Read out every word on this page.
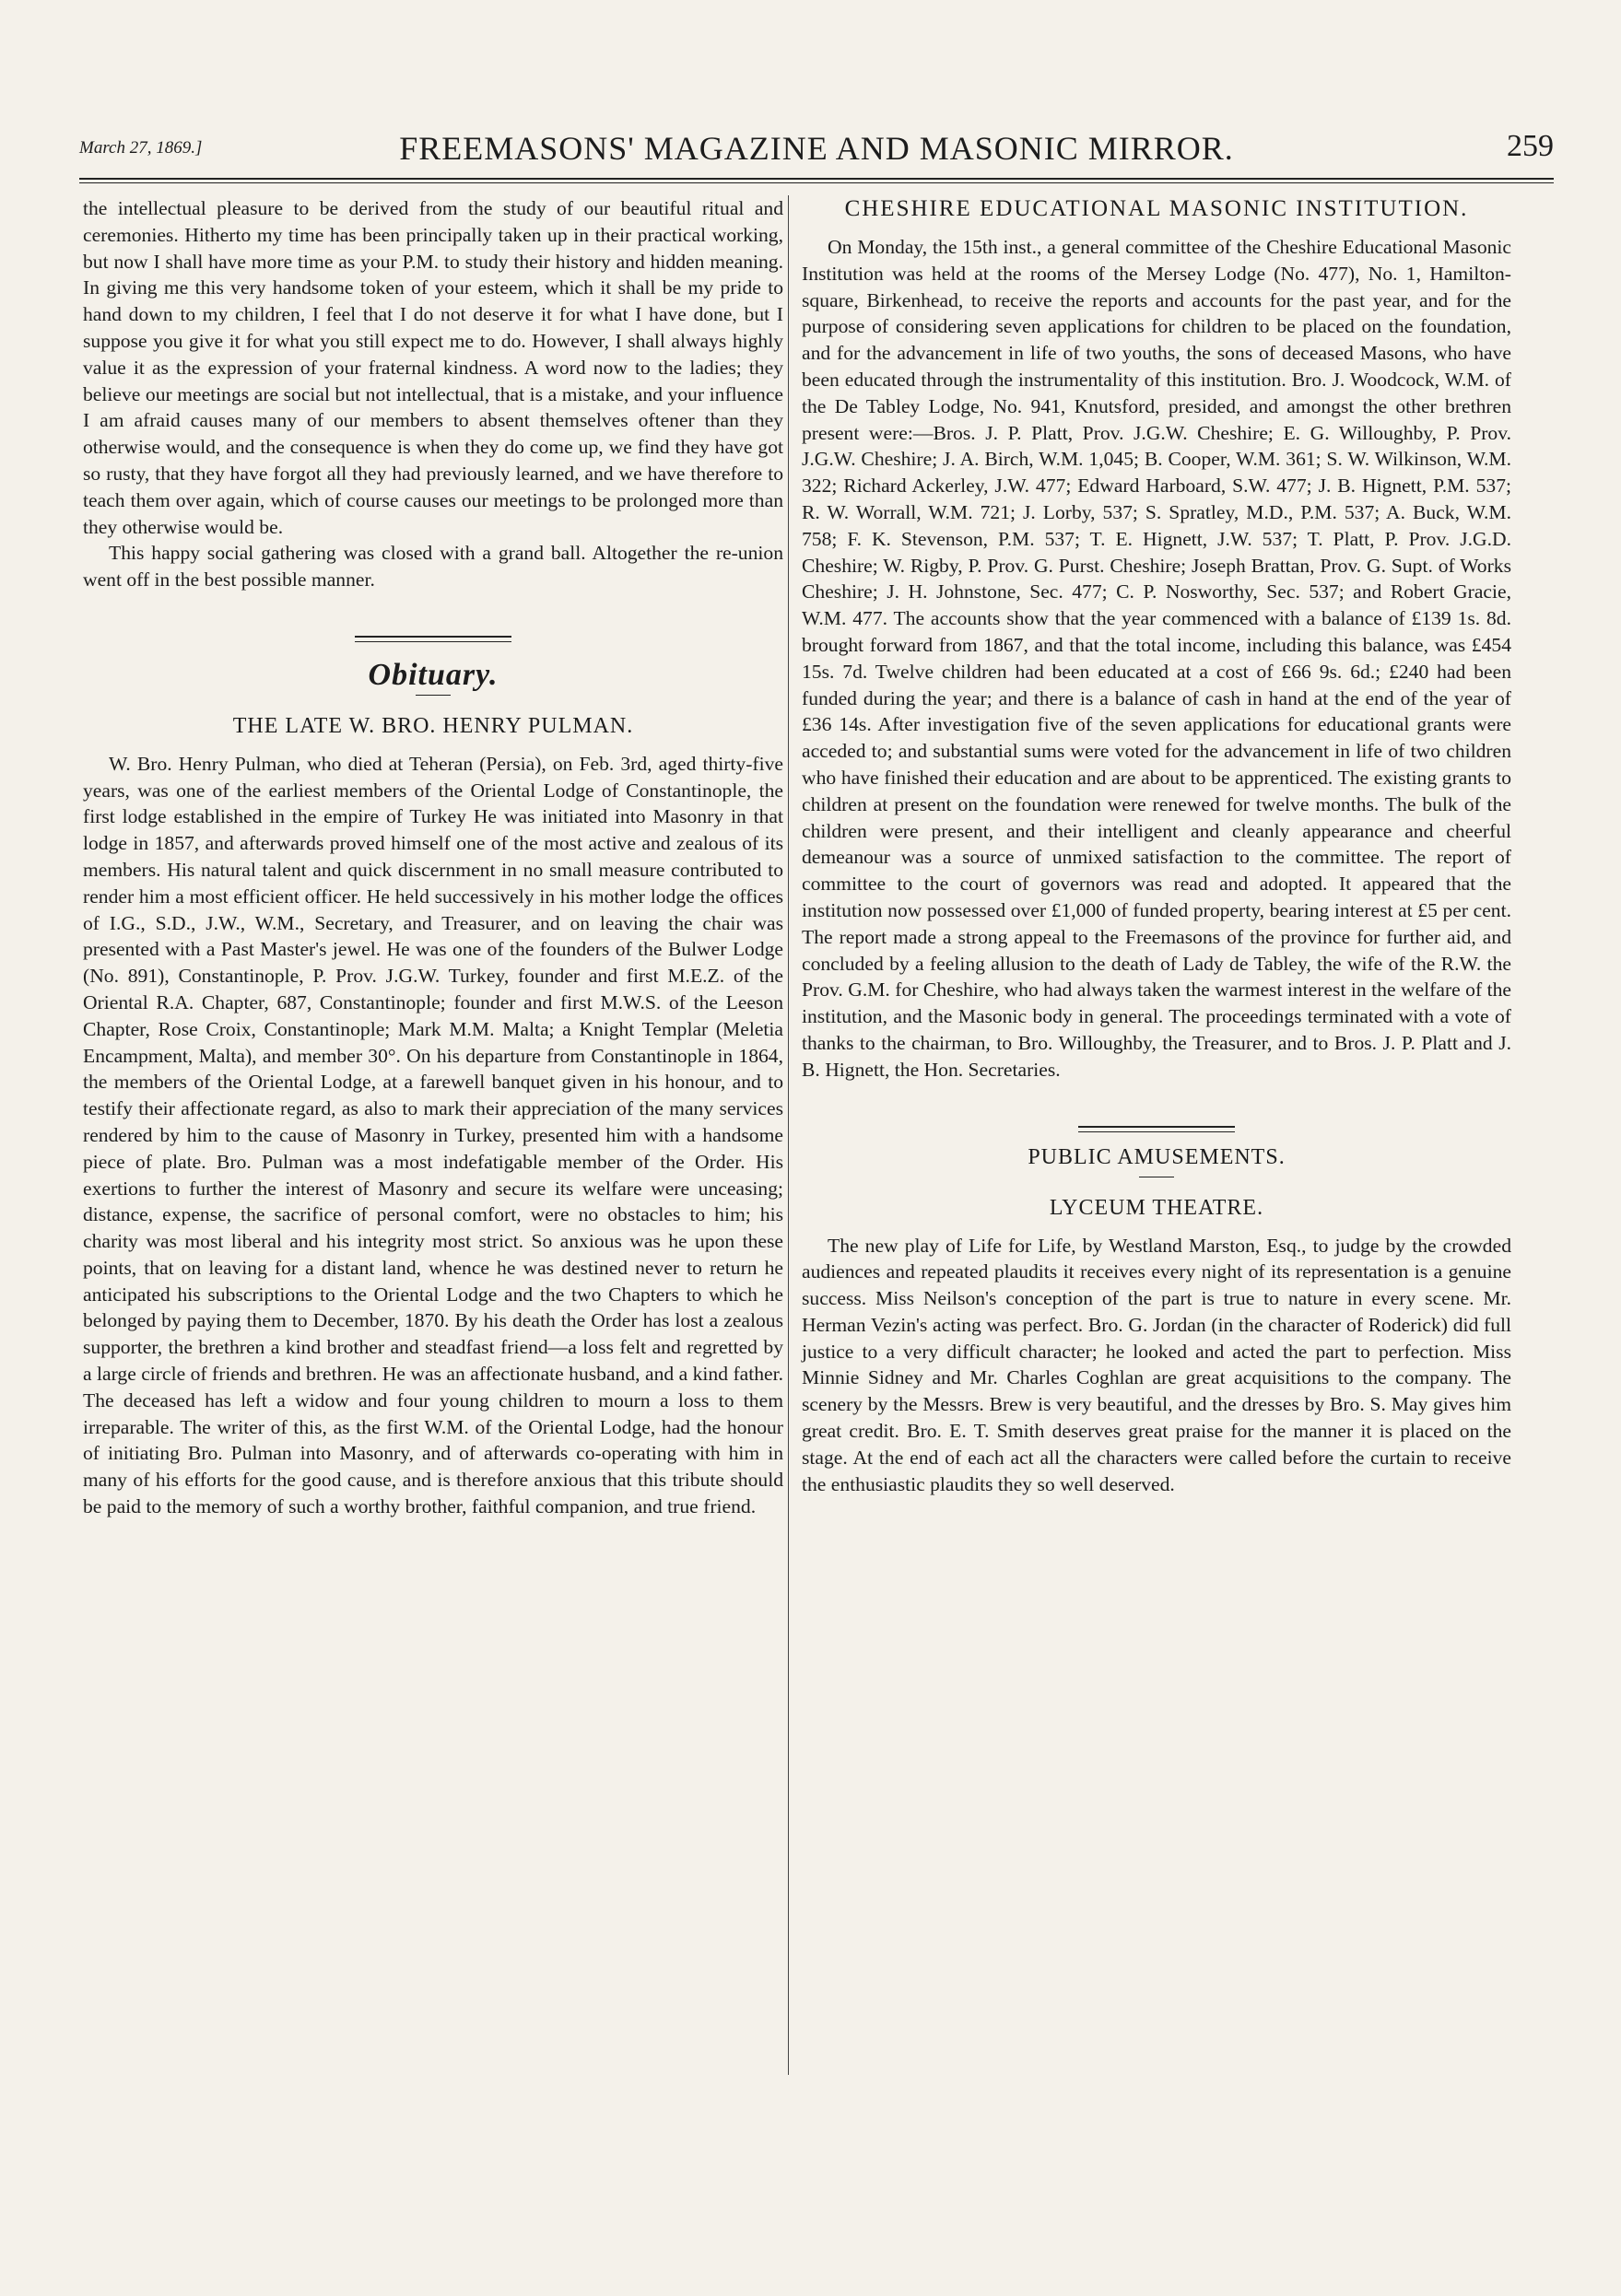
March 27, 1869.]	FREEMASONS' MAGAZINE AND MASONIC MIRROR.	259

the intellectual pleasure to be derived from the study of our beautiful ritual and ceremonies. Hitherto my time has been principally taken up in their practical working, but now I shall have more time as your P.M. to study their history and hidden meaning. In giving me this very handsome token of your esteem, which it shall be my pride to hand down to my children, I feel that I do not deserve it for what I have done, but I suppose you give it for what you still expect me to do. However, I shall always highly value it as the expression of your fraternal kindness. A word now to the ladies; they believe our meetings are social but not intellectual, that is a mistake, and your influence I am afraid causes many of our members to absent themselves oftener than they otherwise would, and the consequence is when they do come up, we find they have got so rusty, that they have forgot all they had previously learned, and we have therefore to teach them over again, which of course causes our meetings to be prolonged more than they otherwise would be.

This happy social gathering was closed with a grand ball. Altogether the re-union went off in the best possible manner.

Obituary.
THE LATE W. BRO. HENRY PULMAN.

W. Bro. Henry Pulman, who died at Teheran (Persia), on Feb. 3rd, aged thirty-five years, was one of the earliest members of the Oriental Lodge of Constantinople, the first lodge established in the empire of Turkey He was initiated into Masonry in that lodge in 1857, and afterwards proved himself one of the most active and zealous of its members. His natural talent and quick discernment in no small measure contributed to render him a most efficient officer. He held successively in his mother lodge the offices of I.G., S.D., J.W., W.M., Secretary, and Treasurer, and on leaving the chair was presented with a Past Master's jewel. He was one of the founders of the Bulwer Lodge (No. 891), Constantinople, P. Prov. J.G.W. Turkey, founder and first M.E.Z. of the Oriental R.A. Chapter, 687, Constantinople; founder and first M.W.S. of the Leeson Chapter, Rose Croix, Constantinople; Mark M.M. Malta; a Knight Templar (Meletia Encampment, Malta), and member 30°. On his departure from Constantinople in 1864, the members of the Oriental Lodge, at a farewell banquet given in his honour, and to testify their affectionate regard, as also to mark their appreciation of the many services rendered by him to the cause of Masonry in Turkey, presented him with a handsome piece of plate. Bro. Pulman was a most indefatigable member of the Order. His exertions to further the interest of Masonry and secure its welfare were unceasing; distance, expense, the sacrifice of personal comfort, were no obstacles to him; his charity was most liberal and his integrity most strict. So anxious was he upon these points, that on leaving for a distant land, whence he was destined never to return he anticipated his subscriptions to the Oriental Lodge and the two Chapters to which he belonged by paying them to December, 1870. By his death the Order has lost a zealous supporter, the brethren a kind brother and steadfast friend—a loss felt and regretted by a large circle of friends and brethren. He was an affectionate husband, and a kind father. The deceased has left a widow and four young children to mourn a loss to them irreparable. The writer of this, as the first W.M. of the Oriental Lodge, had the honour of initiating Bro. Pulman into Masonry, and of afterwards co-operating with him in many of his efforts for the good cause, and is therefore anxious that this tribute should be paid to the memory of such a worthy brother, faithful companion, and true friend.

CHESHIRE EDUCATIONAL MASONIC INSTITUTION.

On Monday, the 15th inst., a general committee of the Cheshire Educational Masonic Institution was held at the rooms of the Mersey Lodge (No. 477), No. 1, Hamilton-square, Birkenhead, to receive the reports and accounts for the past year, and for the purpose of considering seven applications for children to be placed on the foundation, and for the advancement in life of two youths, the sons of deceased Masons, who have been educated through the instrumentality of this institution. Bro. J. Woodcock, W.M. of the De Tabley Lodge, No. 941, Knutsford, presided, and amongst the other brethren present were:—Bros. J. P. Platt, Prov. J.G.W. Cheshire; E. G. Willoughby, P. Prov. J.G.W. Cheshire; J. A. Birch, W.M. 1,045; B. Cooper, W.M. 361; S. W. Wilkinson, W.M. 322; Richard Ackerley, J.W. 477; Edward Harboard, S.W. 477; J. B. Hignett, P.M. 537; R. W. Worrall, W.M. 721; J. Lorby, 537; S. Spratley, M.D., P.M. 537; A. Buck, W.M. 758; F. K. Stevenson, P.M. 537; T. E. Hignett, J.W. 537; T. Platt, P. Prov. J.G.D. Cheshire; W. Rigby, P. Prov. G. Purst. Cheshire; Joseph Brattan, Prov. G. Supt. of Works Cheshire; J. H. Johnstone, Sec. 477; C. P. Nosworthy, Sec. 537; and Robert Gracie, W.M. 477. The accounts show that the year commenced with a balance of £139 1s. 8d. brought forward from 1867, and that the total income, including this balance, was £454 15s. 7d. Twelve children had been educated at a cost of £66 9s. 6d.; £240 had been funded during the year; and there is a balance of cash in hand at the end of the year of £36 14s. After investigation five of the seven applications for educational grants were acceded to; and substantial sums were voted for the advancement in life of two children who have finished their education and are about to be apprenticed. The existing grants to children at present on the foundation were renewed for twelve months. The bulk of the children were present, and their intelligent and cleanly appearance and cheerful demeanour was a source of unmixed satisfaction to the committee. The report of committee to the court of governors was read and adopted. It appeared that the institution now possessed over £1,000 of funded property, bearing interest at £5 per cent. The report made a strong appeal to the Freemasons of the province for further aid, and concluded by a feeling allusion to the death of Lady de Tabley, the wife of the R.W. the Prov. G.M. for Cheshire, who had always taken the warmest interest in the welfare of the institution, and the Masonic body in general. The proceedings terminated with a vote of thanks to the chairman, to Bro. Willoughby, the Treasurer, and to Bros. J. P. Platt and J. B. Hignett, the Hon. Secretaries.

PUBLIC AMUSEMENTS.
LYCEUM THEATRE.

The new play of Life for Life, by Westland Marston, Esq., to judge by the crowded audiences and repeated plaudits it receives every night of its representation is a genuine success. Miss Neilson's conception of the part is true to nature in every scene. Mr. Herman Vezin's acting was perfect. Bro. G. Jordan (in the character of Roderick) did full justice to a very difficult character; he looked and acted the part to perfection. Miss Minnie Sidney and Mr. Charles Coghlan are great acquisitions to the company. The scenery by the Messrs. Brew is very beautiful, and the dresses by Bro. S. May gives him great credit. Bro. E. T. Smith deserves great praise for the manner it is placed on the stage. At the end of each act all the characters were called before the curtain to receive the enthusiastic plaudits they so well deserved.
